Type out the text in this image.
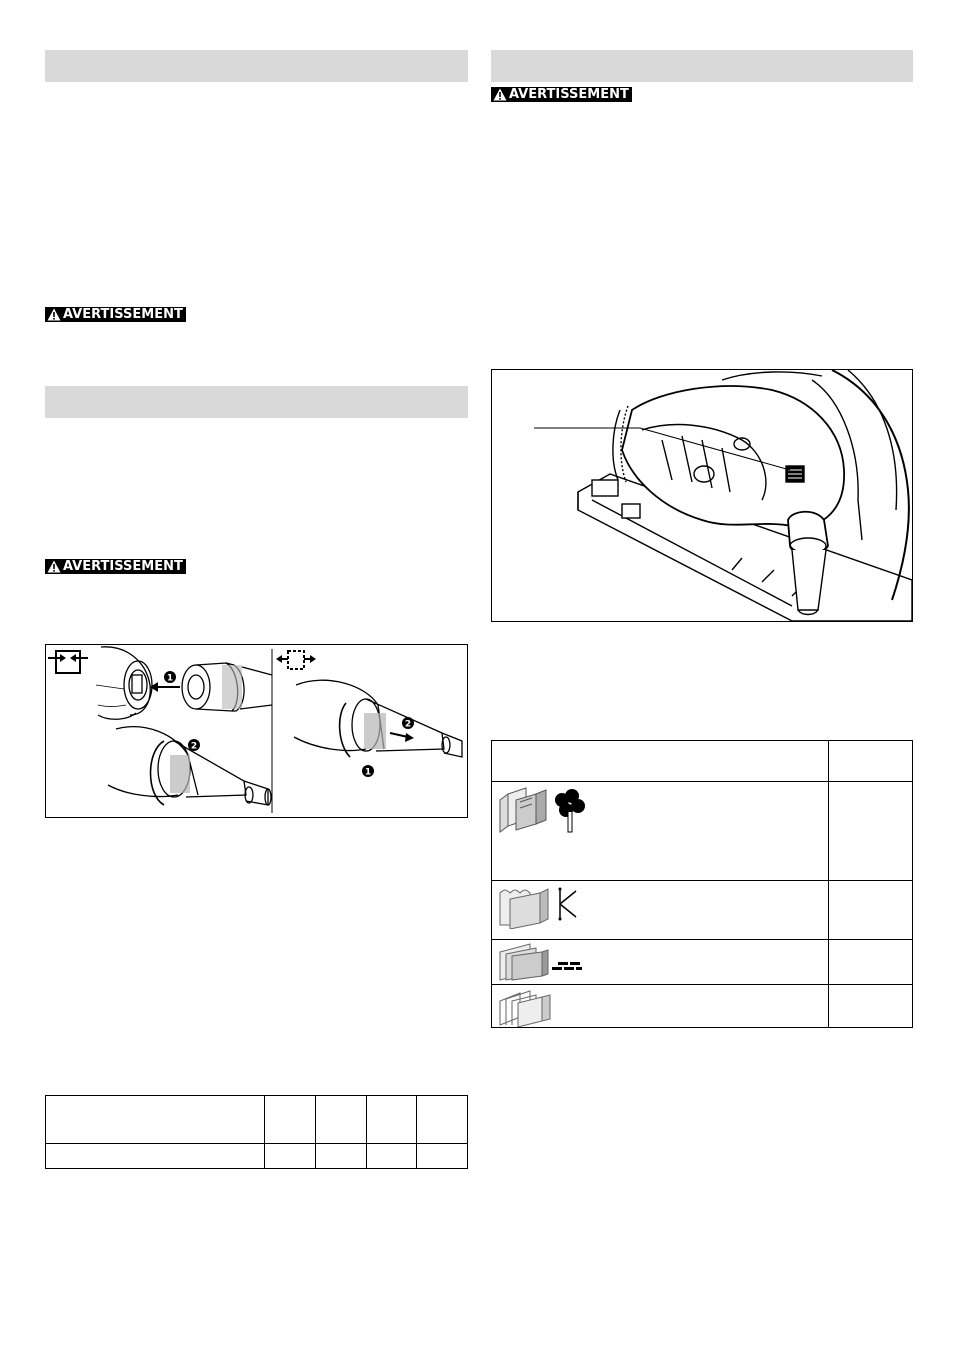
AVERTISSEMENT
AVERTISSEMENT
1
2
2
1

AVERTISSEMENT
